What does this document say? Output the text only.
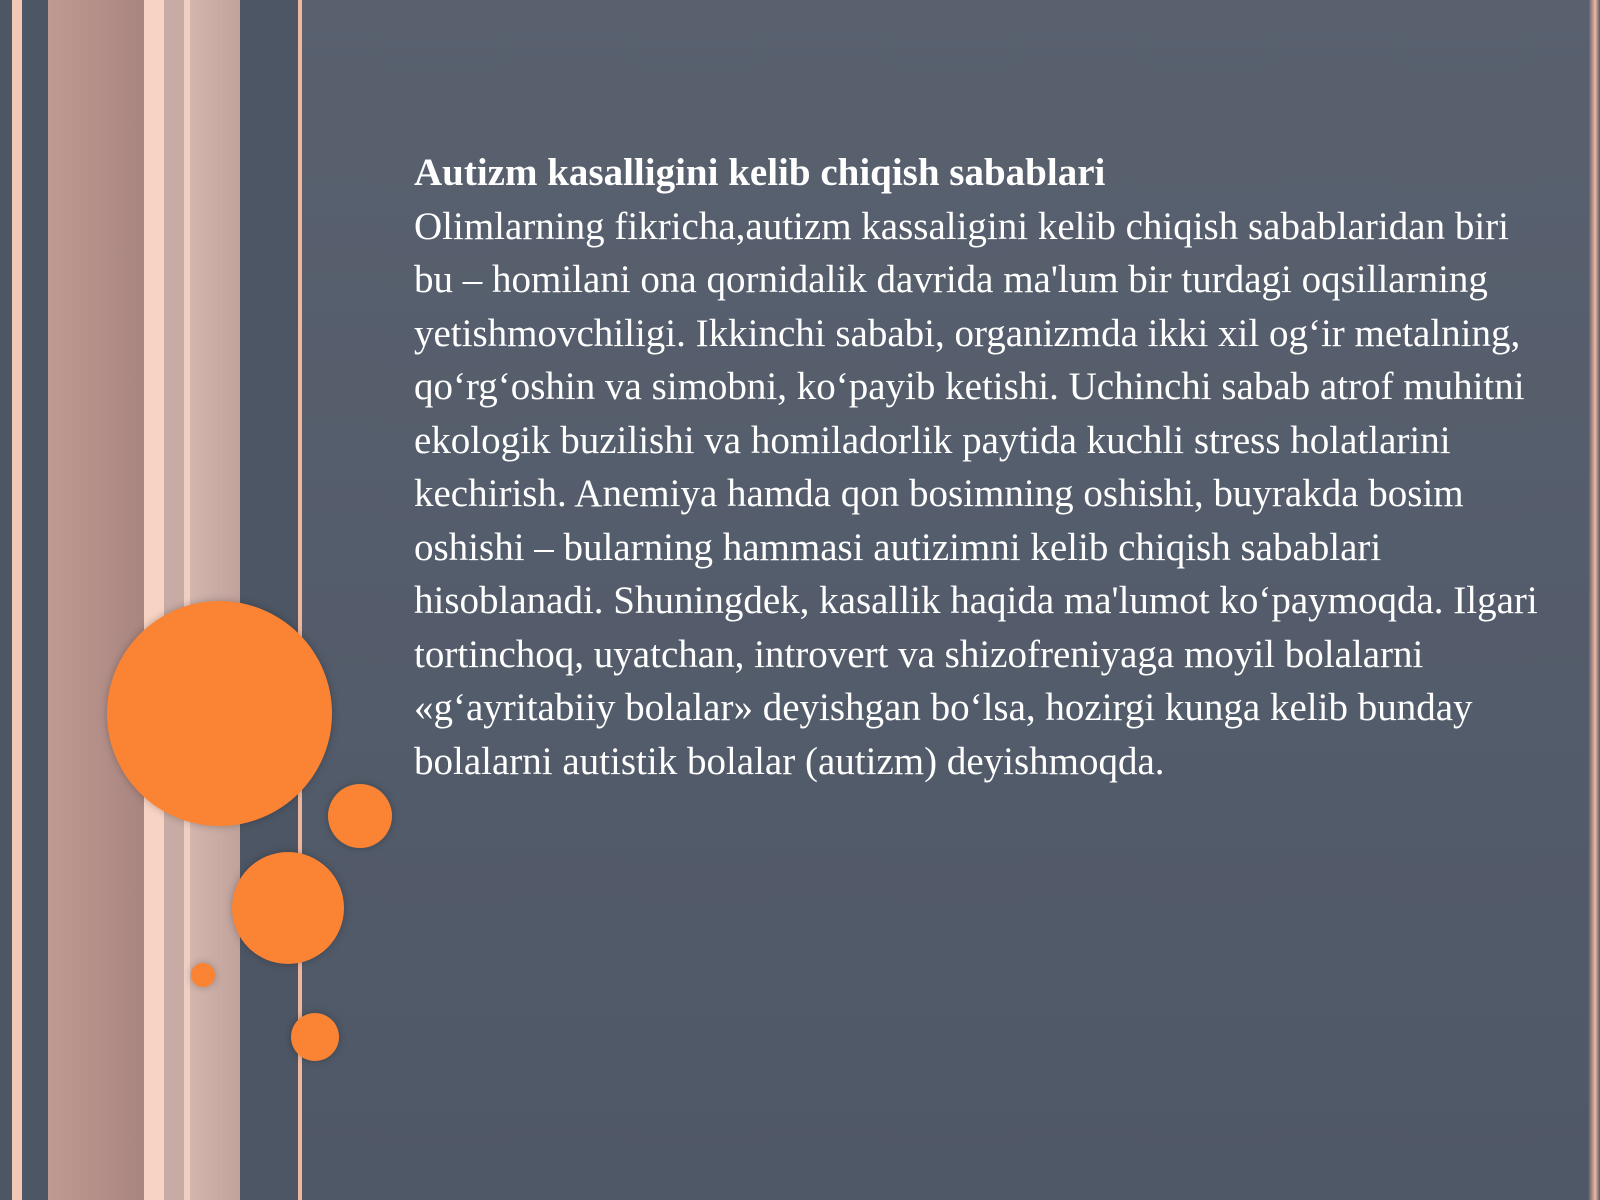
Autizm kasalligini kelib chiqish sabablari

Olimlarning fikricha,autizm kassaligini kelib chiqish sabablaridan biri bu – homilani ona qornidalik davrida ma'lum bir turdagi oqsillarning yetishmovchiligi. Ikkinchi sababi, organizmda ikki xil og‘ir metalning, qo‘rg‘oshin va simobni, ko‘payib ketishi. Uchinchi sabab atrof muhitni ekologik buzilishi va homiladorlik paytida kuchli stress holatlarini kechirish. Anemiya hamda qon bosimning oshishi, buyrakda bosim oshishi – bularning hammasi autizimni kelib chiqish sabablari hisoblanadi. Shuningdek, kasallik haqida ma'lumot ko‘paymoqda. Ilgari tortinchoq, uyatchan, introvert va shizofreniyaga moyil bolalarni «g‘ayritabiiy bolalar» deyishgan bo‘lsa, hozirgi kunga kelib bunday bolalarni autistik bolalar (autizm) deyishmoqda.
